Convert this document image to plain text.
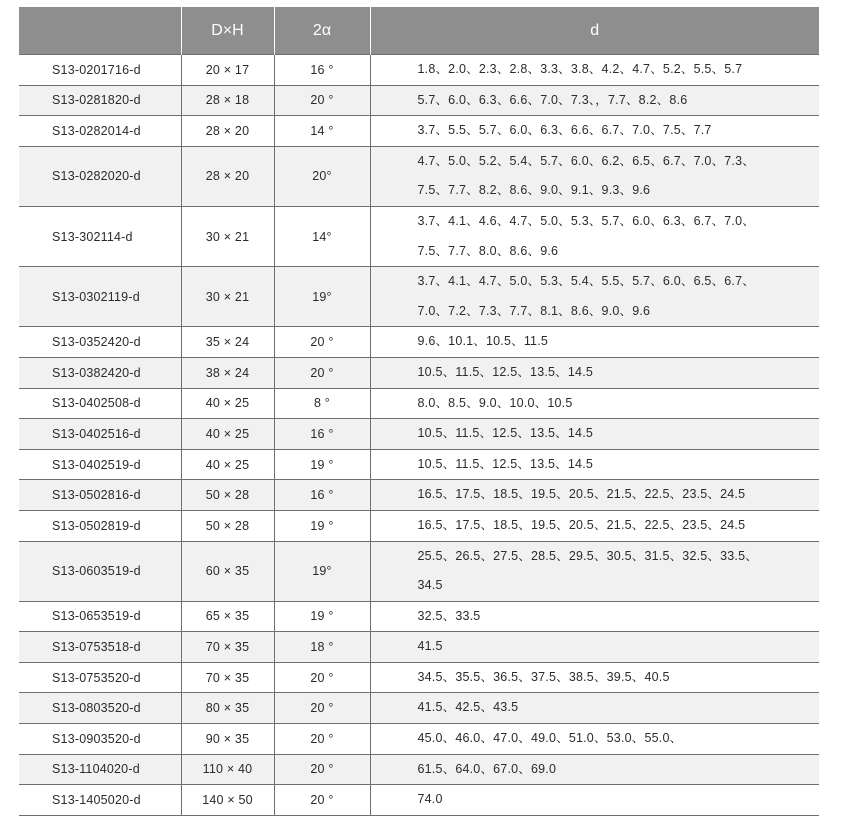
	D×H	2α	d
S13-0201716-d	20 × 17	16 °	1.8、2.0、2.3、2.8、3.3、3.8、4.2、4.7、5.2、5.5、5.7

S13-0281820-d	28 × 18	20 °	5.7、6.0、6.3、6.6、7.0、7.3、，7.7、8.2、8.6

S13-0282014-d	28 × 20	14 °	3.7、5.5、5.7、6.0、6.3、6.6、6.7、7.0、7.5、7.7

S13-0282020-d	28 × 20	20°	4.7、5.0、5.2、5.4、5.7、6.0、6.2、6.5、6.7、7.0、7.3、
7.5、7.7、8.2、8.6、9.0、9.1、9.3、9.6

S13-302114-d	30 × 21	14°	3.7、4.1、4.6、4.7、5.0、5.3、5.7、6.0、6.3、6.7、7.0、
7.5、7.7、8.0、8.6、9.6

S13-0302119-d	30 × 21	19°	3.7、4.1、4.7、5.0、5.3、5.4、5.5、5.7、6.0、6.5、6.7、
7.0、7.2、7.3、7.7、8.1、8.6、9.0、9.6

S13-0352420-d	35 × 24	20 °	9.6、10.1、10.5、11.5

S13-0382420-d	38 × 24	20 °	10.5、11.5、12.5、13.5、14.5

S13-0402508-d	40 × 25	8 °	8.0、8.5、9.0、10.0、10.5

S13-0402516-d	40 × 25	16 °	10.5、11.5、12.5、13.5、14.5

S13-0402519-d	40 × 25	19 °	10.5、11.5、12.5、13.5、14.5

S13-0502816-d	50 × 28	16 °	16.5、17.5、18.5、19.5、20.5、21.5、22.5、23.5、24.5

S13-0502819-d	50 × 28	19 °	16.5、17.5、18.5、19.5、20.5、21.5、22.5、23.5、24.5

S13-0603519-d	60 × 35	19°	25.5、26.5、27.5、28.5、29.5、30.5、31.5、32.5、33.5、
34.5

S13-0653519-d	65 × 35	19 °	32.5、33.5

S13-0753518-d	70 × 35	18 °	41.5

S13-0753520-d	70 × 35	20 °	34.5、35.5、36.5、37.5、38.5、39.5、40.5

S13-0803520-d	80 × 35	20 °	41.5、42.5、43.5

S13-0903520-d	90 × 35	20 °	45.0、46.0、47.0、49.0、51.0、53.0、55.0、

S13-1104020-d	110 × 40	20 °	61.5、64.0、67.0、69.0

S13-1405020-d	140 × 50	20 °	74.0
